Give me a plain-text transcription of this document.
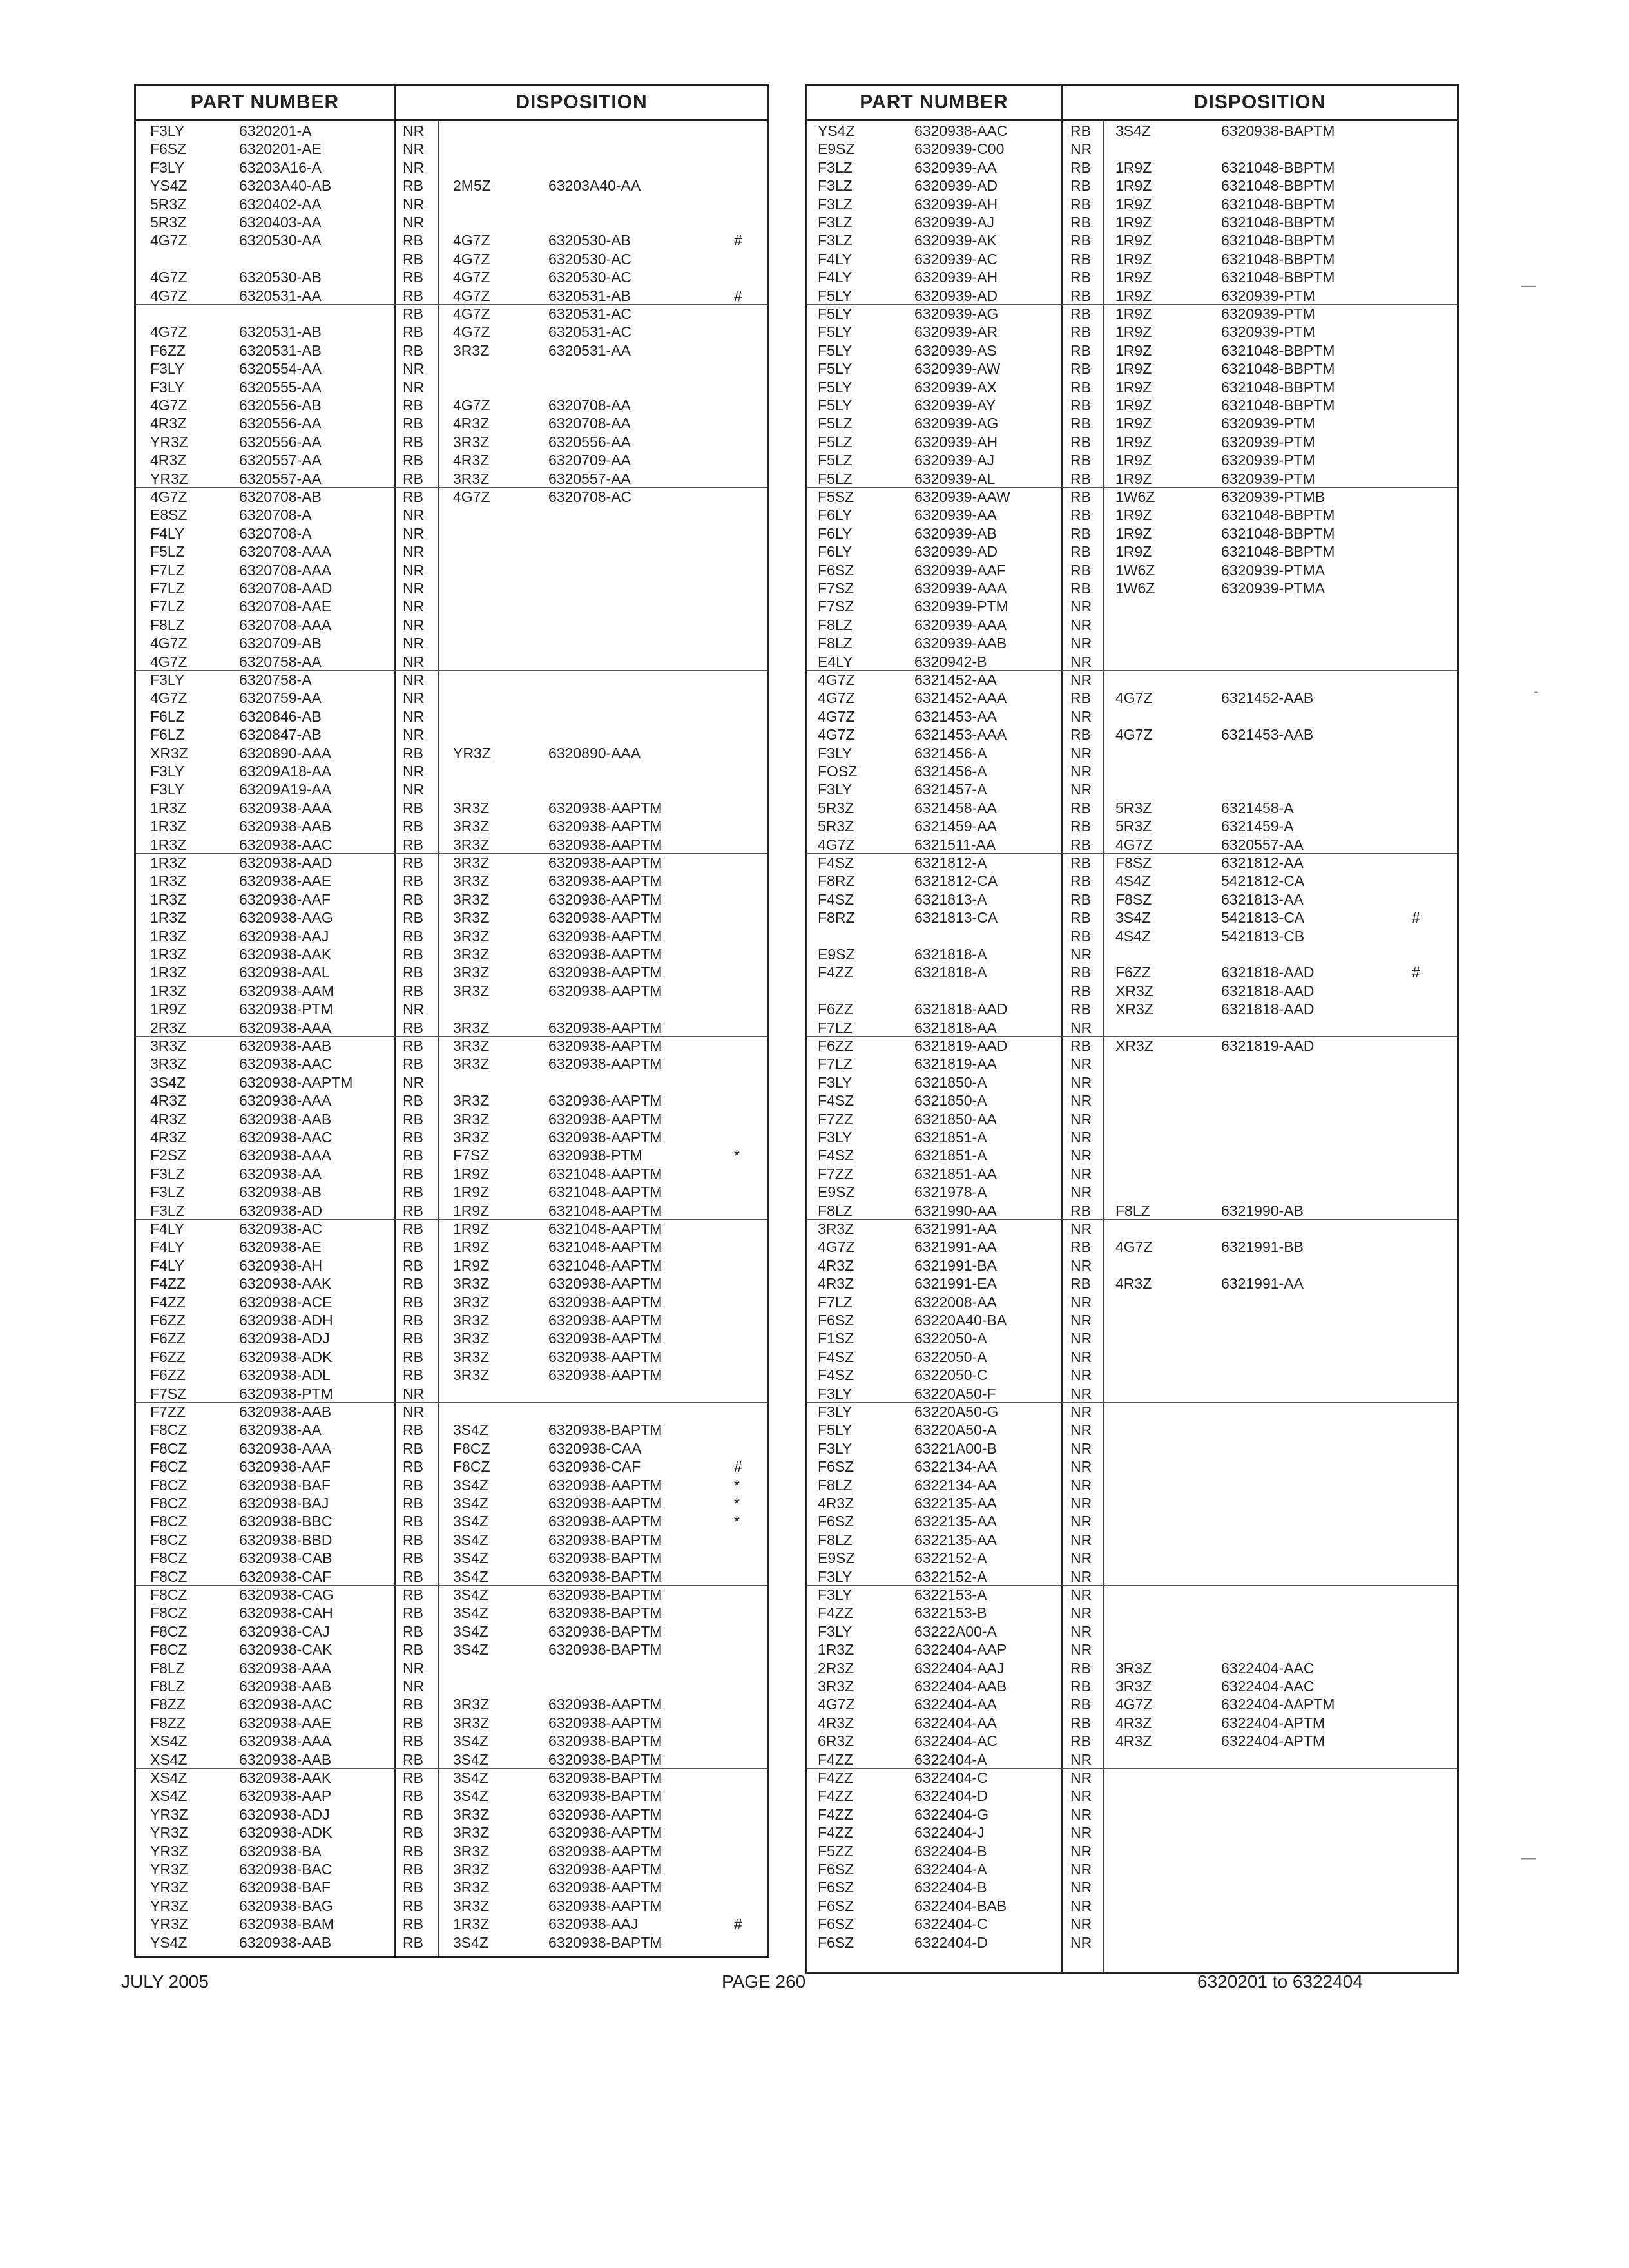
PART NUMBER	DISPOSITION
F3LY	6320201-A	NR
F6SZ	6320201-AE	NR
F3LY	63203A16-A	NR
YS4Z	63203A40-AB	RB 2M5Z	63203A40-AA
5R3Z	6320402-AA	NR
5R3Z	6320403-AA	NR
4G7Z	6320530-AA	RB 4G7Z	6320530-AB	#
RB 4G7Z	6320530-AC
4G7Z	6320530-AB	RB 4G7Z	6320530-AC
4G7Z	6320531-AA	RB 4G7Z	6320531-AB	#
RB 4G7Z	6320531-AC
4G7Z	6320531-AB	RB 4G7Z	6320531-AC
F6ZZ	6320531-AB	RB 3R3Z	6320531-AA
F3LY	6320554-AA	NR
F3LY	6320555-AA	NR
4G7Z	6320556-AB	RB 4G7Z	6320708-AA
4R3Z	6320556-AA	RB 4R3Z	6320708-AA
YR3Z	6320556-AA	RB 3R3Z	6320556-AA
4R3Z	6320557-AA	RB 4R3Z	6320709-AA
YR3Z	6320557-AA	RB 3R3Z	6320557-AA
4G7Z	6320708-AB	RB 4G7Z	6320708-AC
E8SZ	6320708-A	NR
F4LY	6320708-A	NR
F5LZ	6320708-AAA	NR
F7LZ	6320708-AAA	NR
F7LZ	6320708-AAD	NR
F7LZ	6320708-AAE	NR
F8LZ	6320708-AAA	NR
4G7Z	6320709-AB	NR
4G7Z	6320758-AA	NR
F3LY	6320758-A	NR
4G7Z	6320759-AA	NR
F6LZ	6320846-AB	NR
F6LZ	6320847-AB	NR
XR3Z	6320890-AAA	RB YR3Z	6320890-AAA
F3LY	63209A18-AA	NR
F3LY	63209A19-AA	NR
1R3Z	6320938-AAA	RB 3R3Z	6320938-AAPTM
1R3Z	6320938-AAB	RB 3R3Z	6320938-AAPTM
1R3Z	6320938-AAC	RB 3R3Z	6320938-AAPTM
1R3Z	6320938-AAD	RB 3R3Z	6320938-AAPTM
1R3Z	6320938-AAE	RB 3R3Z	6320938-AAPTM
1R3Z	6320938-AAF	RB 3R3Z	6320938-AAPTM
1R3Z	6320938-AAG	RB 3R3Z	6320938-AAPTM
1R3Z	6320938-AAJ	RB 3R3Z	6320938-AAPTM
1R3Z	6320938-AAK	RB 3R3Z	6320938-AAPTM
1R3Z	6320938-AAL	RB 3R3Z	6320938-AAPTM
1R3Z	6320938-AAM	RB 3R3Z	6320938-AAPTM
1R9Z	6320938-PTM	NR
2R3Z	6320938-AAA	RB 3R3Z	6320938-AAPTM
3R3Z	6320938-AAB	RB 3R3Z	6320938-AAPTM
3R3Z	6320938-AAC	RB 3R3Z	6320938-AAPTM
3S4Z	6320938-AAPTM	NR
4R3Z	6320938-AAA	RB 3R3Z	6320938-AAPTM
4R3Z	6320938-AAB	RB 3R3Z	6320938-AAPTM
4R3Z	6320938-AAC	RB 3R3Z	6320938-AAPTM
F2SZ	6320938-AAA	RB F7SZ	6320938-PTM	*
F3LZ	6320938-AA	RB 1R9Z	6321048-AAPTM
F3LZ	6320938-AB	RB 1R9Z	6321048-AAPTM
F3LZ	6320938-AD	RB 1R9Z	6321048-AAPTM
F4LY	6320938-AC	RB 1R9Z	6321048-AAPTM
F4LY	6320938-AE	RB 1R9Z	6321048-AAPTM
F4LY	6320938-AH	RB 1R9Z	6321048-AAPTM
F4ZZ	6320938-AAK	RB 3R3Z	6320938-AAPTM
F4ZZ	6320938-ACE	RB 3R3Z	6320938-AAPTM
F6ZZ	6320938-ADH	RB 3R3Z	6320938-AAPTM
F6ZZ	6320938-ADJ	RB 3R3Z	6320938-AAPTM
F6ZZ	6320938-ADK	RB 3R3Z	6320938-AAPTM
F6ZZ	6320938-ADL	RB 3R3Z	6320938-AAPTM
F7SZ	6320938-PTM	NR
F7ZZ	6320938-AAB	NR
F8CZ	6320938-AA	RB 3S4Z	6320938-BAPTM
F8CZ	6320938-AAA	RB F8CZ	6320938-CAA
F8CZ	6320938-AAF	RB F8CZ	6320938-CAF	#
F8CZ	6320938-BAF	RB 3S4Z	6320938-AAPTM	*
F8CZ	6320938-BAJ	RB 3S4Z	6320938-AAPTM	*
F8CZ	6320938-BBC	RB 3S4Z	6320938-AAPTM	*
F8CZ	6320938-BBD	RB 3S4Z	6320938-BAPTM
F8CZ	6320938-CAB	RB 3S4Z	6320938-BAPTM
F8CZ	6320938-CAF	RB 3S4Z	6320938-BAPTM
F8CZ	6320938-CAG	RB 3S4Z	6320938-BAPTM
F8CZ	6320938-CAH	RB 3S4Z	6320938-BAPTM
F8CZ	6320938-CAJ	RB 3S4Z	6320938-BAPTM
F8CZ	6320938-CAK	RB 3S4Z	6320938-BAPTM
F8LZ	6320938-AAA	NR
F8LZ	6320938-AAB	NR
F8ZZ	6320938-AAC	RB 3R3Z	6320938-AAPTM
F8ZZ	6320938-AAE	RB 3R3Z	6320938-AAPTM
XS4Z	6320938-AAA	RB 3S4Z	6320938-BAPTM
XS4Z	6320938-AAB	RB 3S4Z	6320938-BAPTM
XS4Z	6320938-AAK	RB 3S4Z	6320938-BAPTM
XS4Z	6320938-AAP	RB 3S4Z	6320938-BAPTM
YR3Z	6320938-ADJ	RB 3R3Z	6320938-AAPTM
YR3Z	6320938-ADK	RB 3R3Z	6320938-AAPTM
YR3Z	6320938-BA	RB 3R3Z	6320938-AAPTM
YR3Z	6320938-BAC	RB 3R3Z	6320938-AAPTM
YR3Z	6320938-BAF	RB 3R3Z	6320938-AAPTM
YR3Z	6320938-BAG	RB 3R3Z	6320938-AAPTM
YR3Z	6320938-BAM	RB 1R3Z	6320938-AAJ	#
YS4Z	6320938-AAB	RB 3S4Z	6320938-BAPTM
PART NUMBER	DISPOSITION
YS4Z	6320938-AAC	RB 3S4Z	6320938-BAPTM
E9SZ	6320939-C00	NR
F3LZ	6320939-AA	RB 1R9Z	6321048-BBPTM
F3LZ	6320939-AD	RB 1R9Z	6321048-BBPTM
F3LZ	6320939-AH	RB 1R9Z	6321048-BBPTM
F3LZ	6320939-AJ	RB 1R9Z	6321048-BBPTM
F3LZ	6320939-AK	RB 1R9Z	6321048-BBPTM
F4LY	6320939-AC	RB 1R9Z	6321048-BBPTM
F4LY	6320939-AH	RB 1R9Z	6321048-BBPTM
F5LY	6320939-AD	RB 1R9Z	6320939-PTM
F5LY	6320939-AG	RB 1R9Z	6320939-PTM
F5LY	6320939-AR	RB 1R9Z	6320939-PTM
F5LY	6320939-AS	RB 1R9Z	6321048-BBPTM
F5LY	6320939-AW	RB 1R9Z	6321048-BBPTM
F5LY	6320939-AX	RB 1R9Z	6321048-BBPTM
F5LY	6320939-AY	RB 1R9Z	6321048-BBPTM
F5LZ	6320939-AG	RB 1R9Z	6320939-PTM
F5LZ	6320939-AH	RB 1R9Z	6320939-PTM
F5LZ	6320939-AJ	RB 1R9Z	6320939-PTM
F5LZ	6320939-AL	RB 1R9Z	6320939-PTM
F5SZ	6320939-AAW	RB 1W6Z	6320939-PTMB
F6LY	6320939-AA	RB 1R9Z	6321048-BBPTM
F6LY	6320939-AB	RB 1R9Z	6321048-BBPTM
F6LY	6320939-AD	RB 1R9Z	6321048-BBPTM
F6SZ	6320939-AAF	RB 1W6Z	6320939-PTMA
F7SZ	6320939-AAA	RB 1W6Z	6320939-PTMA
F7SZ	6320939-PTM	NR
F8LZ	6320939-AAA	NR
F8LZ	6320939-AAB	NR
E4LY	6320942-B	NR
4G7Z	6321452-AA	NR
4G7Z	6321452-AAA	RB 4G7Z	6321452-AAB
4G7Z	6321453-AA	NR
4G7Z	6321453-AAA	RB 4G7Z	6321453-AAB
F3LY	6321456-A	NR
FOSZ	6321456-A	NR
F3LY	6321457-A	NR
5R3Z	6321458-AA	RB 5R3Z	6321458-A
5R3Z	6321459-AA	RB 5R3Z	6321459-A
4G7Z	6321511-AA	RB 4G7Z	6320557-AA
F4SZ	6321812-A	RB F8SZ	6321812-AA
F8RZ	6321812-CA	RB 4S4Z	5421812-CA
F4SZ	6321813-A	RB F8SZ	6321813-AA
F8RZ	6321813-CA	RB 3S4Z	5421813-CA	#
RB 4S4Z	5421813-CB
E9SZ	6321818-A	NR
F4ZZ	6321818-A	RB F6ZZ	6321818-AAD	#
RB XR3Z	6321818-AAD
F6ZZ	6321818-AAD	RB XR3Z	6321818-AAD
F7LZ	6321818-AA	NR
F6ZZ	6321819-AAD	RB XR3Z	6321819-AAD
F7LZ	6321819-AA	NR
F3LY	6321850-A	NR
F4SZ	6321850-A	NR
F7ZZ	6321850-AA	NR
F3LY	6321851-A	NR
F4SZ	6321851-A	NR
F7ZZ	6321851-AA	NR
E9SZ	6321978-A	NR
F8LZ	6321990-AA	RB F8LZ	6321990-AB
3R3Z	6321991-AA	NR
4G7Z	6321991-AA	RB 4G7Z	6321991-BB
4R3Z	6321991-BA	NR
4R3Z	6321991-EA	RB 4R3Z	6321991-AA
F7LZ	6322008-AA	NR
F6SZ	63220A40-BA	NR
F1SZ	6322050-A	NR
F4SZ	6322050-A	NR
F4SZ	6322050-C	NR
F3LY	63220A50-F	NR
F3LY	63220A50-G	NR
F5LY	63220A50-A	NR
F3LY	63221A00-B	NR
F6SZ	6322134-AA	NR
F8LZ	6322134-AA	NR
4R3Z	6322135-AA	NR
F6SZ	6322135-AA	NR
F8LZ	6322135-AA	NR
E9SZ	6322152-A	NR
F3LY	6322152-A	NR
F3LY	6322153-A	NR
F4ZZ	6322153-B	NR
F3LY	63222A00-A	NR
1R3Z	6322404-AAP	NR
2R3Z	6322404-AAJ	RB 3R3Z	6322404-AAC
3R3Z	6322404-AAB	RB 3R3Z	6322404-AAC
4G7Z	6322404-AA	RB 4G7Z	6322404-AAPTM
4R3Z	6322404-AA	RB 4R3Z	6322404-APTM
6R3Z	6322404-AC	RB 4R3Z	6322404-APTM
F4ZZ	6322404-A	NR
F4ZZ	6322404-C	NR
F4ZZ	6322404-D	NR
F4ZZ	6322404-G	NR
F4ZZ	6322404-J	NR
F5ZZ	6322404-B	NR
F6SZ	6322404-A	NR
F6SZ	6322404-B	NR
F6SZ	6322404-BAB	NR
F6SZ	6322404-C	NR
F6SZ	6322404-D	NR
JULY 2005	PAGE 260	6320201 to 6322404
—
-
—
